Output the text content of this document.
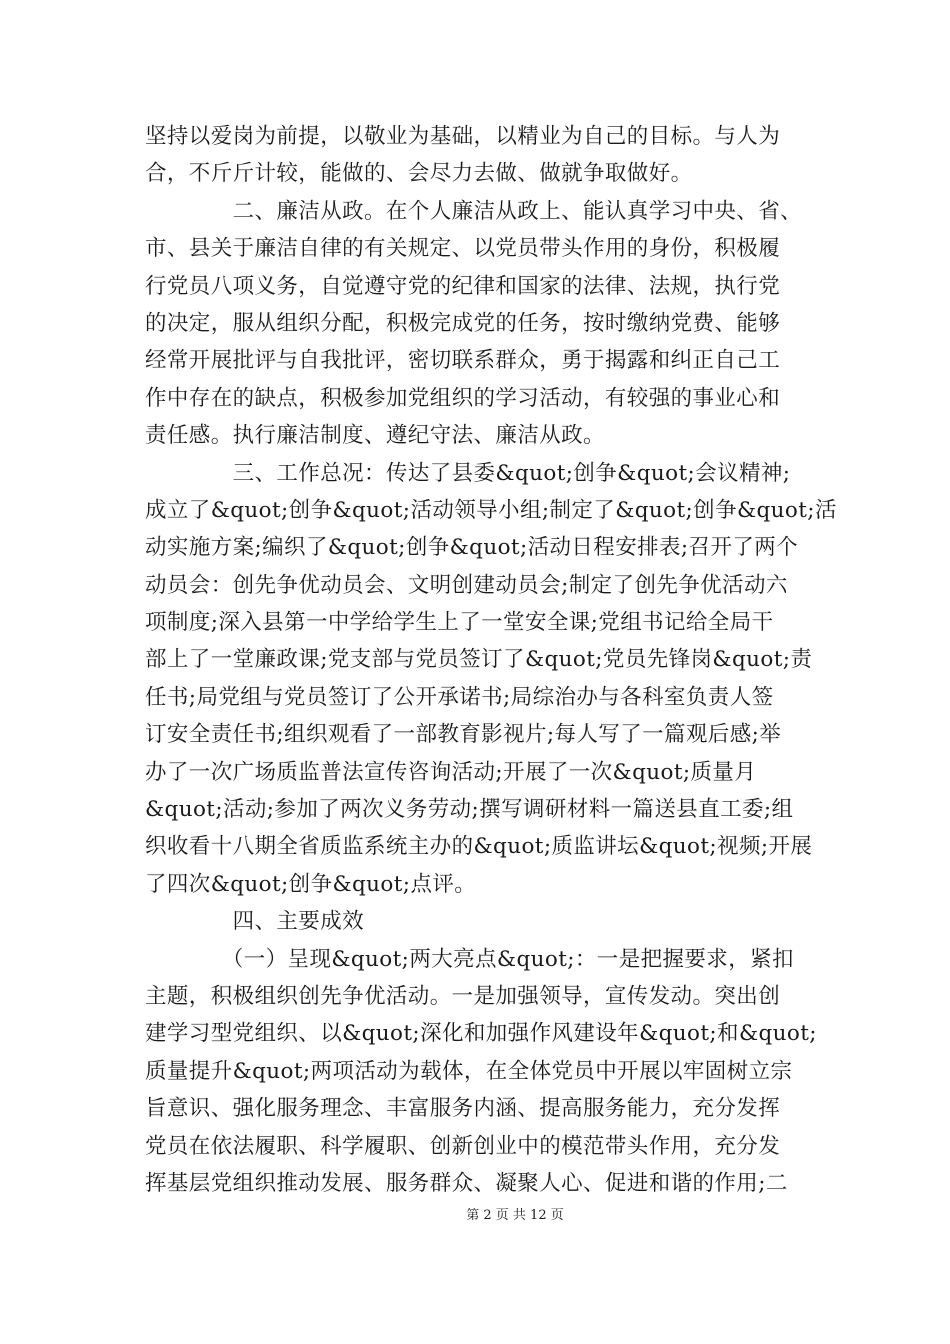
坚持以爱岗为前提，以敬业为基础，以精业为自己的目标。与人为
合，不斤斤计较，能做的、会尽力去做、做就争取做好。
　　　　二、廉洁从政。在个人廉洁从政上、能认真学习中央、省、
市、县关于廉洁自律的有关规定、以党员带头作用的身份，积极履
行党员八项义务，自觉遵守党的纪律和国家的法律、法规，执行党
的决定，服从组织分配，积极完成党的任务，按时缴纳党费、能够
经常开展批评与自我批评，密切联系群众，勇于揭露和纠正自己工
作中存在的缺点，积极参加党组织的学习活动，有较强的事业心和
责任感。执行廉洁制度、遵纪守法、廉洁从政。
　　　　三、工作总况：传达了县委&quot;创争&quot;会议精神;
成立了&quot;创争&quot;活动领导小组;制定了&quot;创争&quot;活
动实施方案;编织了&quot;创争&quot;活动日程安排表;召开了两个
动员会：创先争优动员会、文明创建动员会;制定了创先争优活动六
项制度;深入县第一中学给学生上了一堂安全课;党组书记给全局干
部上了一堂廉政课;党支部与党员签订了&quot;党员先锋岗&quot;责
任书;局党组与党员签订了公开承诺书;局综治办与各科室负责人签
订安全责任书;组织观看了一部教育影视片;每人写了一篇观后感;举
办了一次广场质监普法宣传咨询活动;开展了一次&quot;质量月
&quot;活动;参加了两次义务劳动;撰写调研材料一篇送县直工委;组
织收看十八期全省质监系统主办的&quot;质监讲坛&quot;视频;开展
了四次&quot;创争&quot;点评。
　　　　四、主要成效
　　　　（一）呈现&quot;两大亮点&quot;：一是把握要求，紧扣
主题，积极组织创先争优活动。一是加强领导，宣传发动。突出创
建学习型党组织、以&quot;深化和加强作风建设年&quot;和&quot;
质量提升&quot;两项活动为载体，在全体党员中开展以牢固树立宗
旨意识、强化服务理念、丰富服务内涵、提高服务能力，充分发挥
党员在依法履职、科学履职、创新创业中的模范带头作用，充分发
挥基层党组织推动发展、服务群众、凝聚人心、促进和谐的作用;二
第 2 页 共 12 页
